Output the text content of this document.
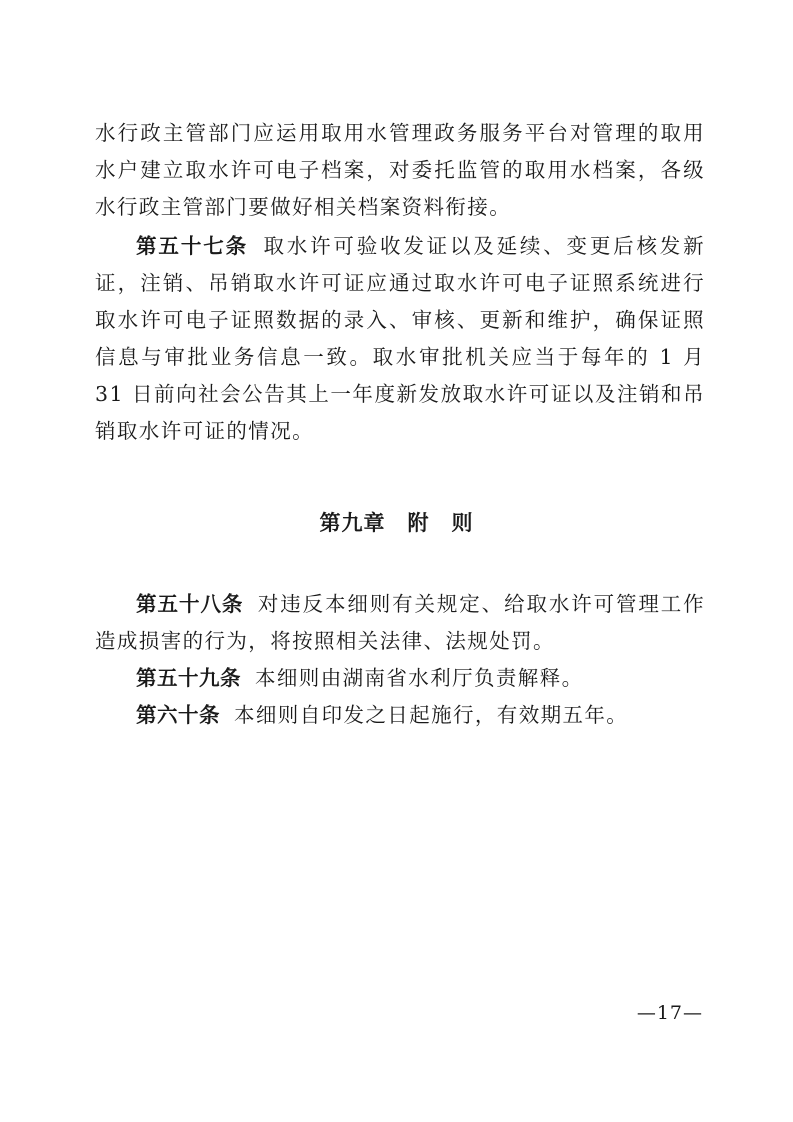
水行政主管部门应运用取用水管理政务服务平台对管理的取用水户建立取水许可电子档案，对委托监管的取用水档案，各级水行政主管部门要做好相关档案资料衔接。

第五十七条 取水许可验收发证以及延续、变更后核发新证，注销、吊销取水许可证应通过取水许可电子证照系统进行取水许可电子证照数据的录入、审核、更新和维护，确保证照信息与审批业务信息一致。取水审批机关应当于每年的 1 月 31 日前向社会公告其上一年度新发放取水许可证以及注销和吊销取水许可证的情况。

第九章 附　则

第五十八条 对违反本细则有关规定、给取水许可管理工作造成损害的行为，将按照相关法律、法规处罚。

第五十九条 本细则由湖南省水利厅负责解释。

第六十条 本细则自印发之日起施行，有效期五年。

—17—
